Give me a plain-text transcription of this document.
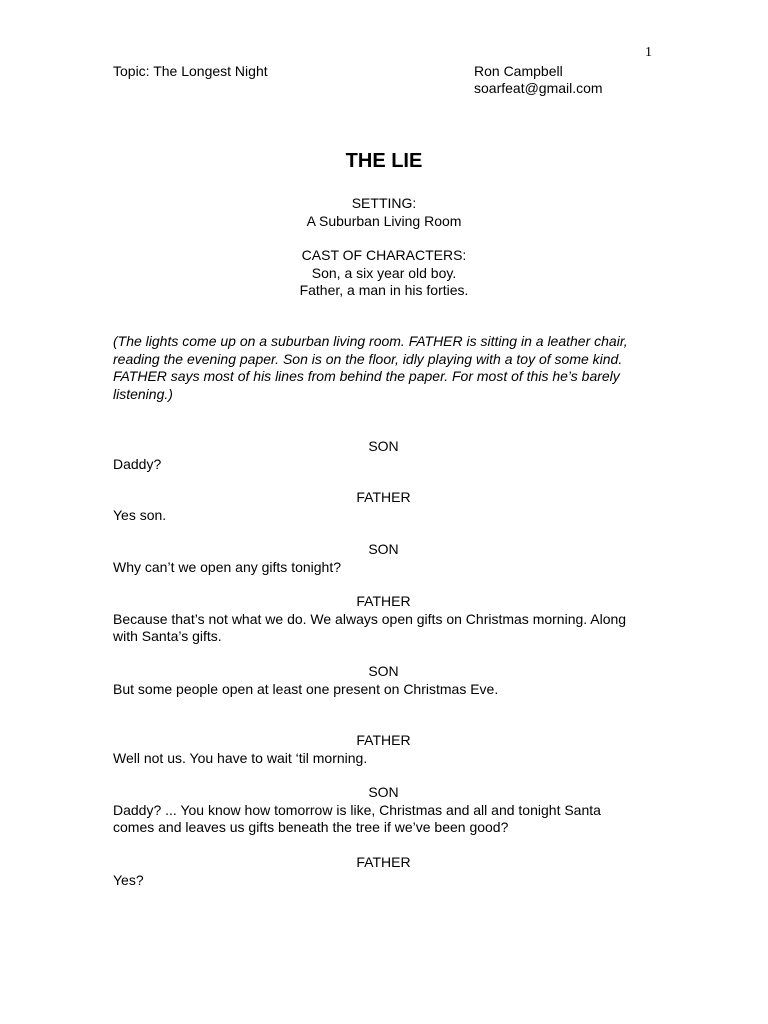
1
Topic: The Longest Night	Ron Campbell
soarfeat@gmail.com
THE LIE
SETTING:
A Suburban Living Room
CAST OF CHARACTERS:
Son, a six year old boy.
Father, a man in his forties.
(The lights come up on a suburban living room. FATHER is sitting in a leather chair, reading the evening paper. Son is on the floor, idly playing with a toy of some kind. FATHER says most of his lines from behind the paper. For most of this he’s barely listening.)
SON
Daddy?
FATHER
Yes son.
SON
Why can’t we open any gifts tonight?
FATHER
Because that’s not what we do. We always open gifts on Christmas morning. Along with Santa’s gifts.
SON
But some people open at least one present on Christmas Eve.
FATHER
Well not us. You have to wait ‘til morning.
SON
Daddy? ... You know how tomorrow is like, Christmas and all and tonight Santa comes and leaves us gifts beneath the tree if we’ve been good?
FATHER
Yes?
